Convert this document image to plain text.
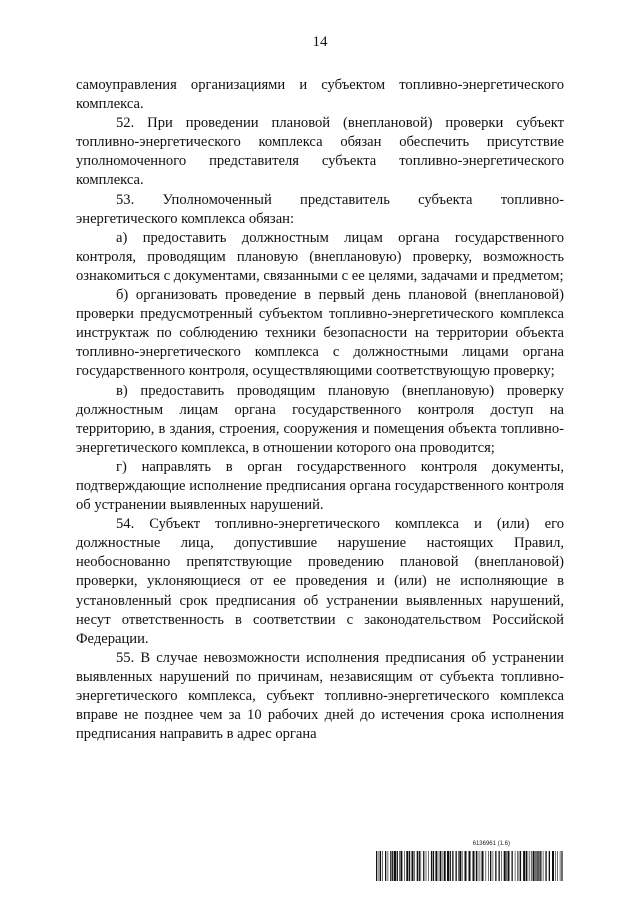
14

самоуправления организациями и субъектом топливно-энергетического комплекса.

52. При проведении плановой (внеплановой) проверки субъект топливно-энергетического комплекса обязан обеспечить присутствие уполномоченного представителя субъекта топливно-энергетического комплекса.

53. Уполномоченный представитель субъекта топливно-энергетического комплекса обязан:

а) предоставить должностным лицам органа государственного контроля, проводящим плановую (внеплановую) проверку, возможность ознакомиться с документами, связанными с ее целями, задачами и предметом;

б) организовать проведение в первый день плановой (внеплановой) проверки предусмотренный субъектом топливно-энергетического комплекса инструктаж по соблюдению техники безопасности на территории объекта топливно-энергетического комплекса с должностными лицами органа государственного контроля, осуществляющими соответствующую проверку;

в) предоставить проводящим плановую (внеплановую) проверку должностным лицам органа государственного контроля доступ на территорию, в здания, строения, сооружения и помещения объекта топливно-энергетического комплекса, в отношении которого она проводится;

г) направлять в орган государственного контроля документы, подтверждающие исполнение предписания органа государственного контроля об устранении выявленных нарушений.

54. Субъект топливно-энергетического комплекса и (или) его должностные лица, допустившие нарушение настоящих Правил, необоснованно препятствующие проведению плановой (внеплановой) проверки, уклоняющиеся от ее проведения и (или) не исполняющие в установленный срок предписания об устранении выявленных нарушений, несут ответственность в соответствии с законодательством Российской Федерации.

55. В случае невозможности исполнения предписания об устранении выявленных нарушений по причинам, независящим от субъекта топливно-энергетического комплекса, субъект топливно-энергетического комплекса вправе не позднее чем за 10 рабочих дней до истечения срока исполнения предписания направить в адрес органа

6136961 (1.6)
